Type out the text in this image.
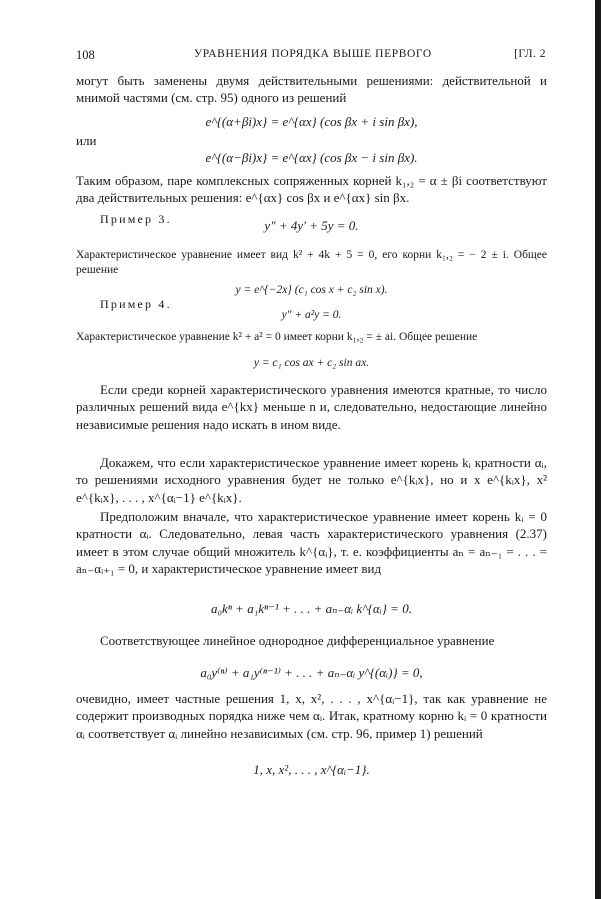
108	УРАВНЕНИЯ ПОРЯДКА ВЫШЕ ПЕРВОГО	[ГЛ. 2

могут быть заменены двумя действительными решениями: действительной и мнимой частями (см. стр. 95) одного из решений

e^{(α+βi)x} = e^{αx} (cos βx + i sin βx),
или
e^{(α−βi)x} = e^{αx} (cos βx − i sin βx).

Таким образом, паре комплексных сопряженных корней k₁,₂ = α ± βi соответствуют два действительных решения: e^{αx} cos βx и e^{αx} sin βx.

Пример 3.	y″ + 4y′ + 5y = 0.

Характеристическое уравнение имеет вид k² + 4k + 5 = 0, его корни k₁,₂ = − 2 ± i. Общее решение

y = e^{−2x} (c₁ cos x + c₂ sin x).
Пример 4.
y″ + a²y = 0.

Характеристическое уравнение k² + a² = 0 имеет корни k₁,₂ = ± ai. Общее решение

y = c₁ cos ax + c₂ sin ax.

Если среди корней характеристического уравнения имеются кратные, то число различных решений вида e^{kx} меньше n и, следовательно, недостающие линейно независимые решения надо искать в ином виде.

Докажем, что если характеристическое уравнение имеет корень kᵢ кратности αᵢ, то решениями исходного уравнения будет не только e^{kᵢx}, но и x e^{kᵢx}, x² e^{kᵢx}, . . . , x^{αᵢ−1} e^{kᵢx}.

Предположим вначале, что характеристическое уравнение имеет корень kᵢ = 0 кратности αᵢ. Следовательно, левая часть характеристического уравнения (2.37) имеет в этом случае общий множитель k^{αᵢ}, т. е. коэффициенты aₙ = aₙ₋₁ = . . . = aₙ₋αᵢ₊₁ = 0, и характеристическое уравнение имеет вид

a₀kⁿ + a₁kⁿ⁻¹ + . . . + aₙ₋αᵢ k^{αᵢ} = 0.

Соответствующее линейное однородное дифференциальное уравнение

a₀y⁽ⁿ⁾ + a₁y⁽ⁿ⁻¹⁾ + . . . + aₙ₋αᵢ y^{(αᵢ)} = 0,

очевидно, имеет частные решения 1, x, x², . . . , x^{αᵢ−1}, так как уравнение не содержит производных порядка ниже чем αᵢ. Итак, кратному корню kᵢ = 0 кратности αᵢ соответствует αᵢ линейно независимых (см. стр. 96, пример 1) решений

1, x, x², . . . , x^{αᵢ−1}.
